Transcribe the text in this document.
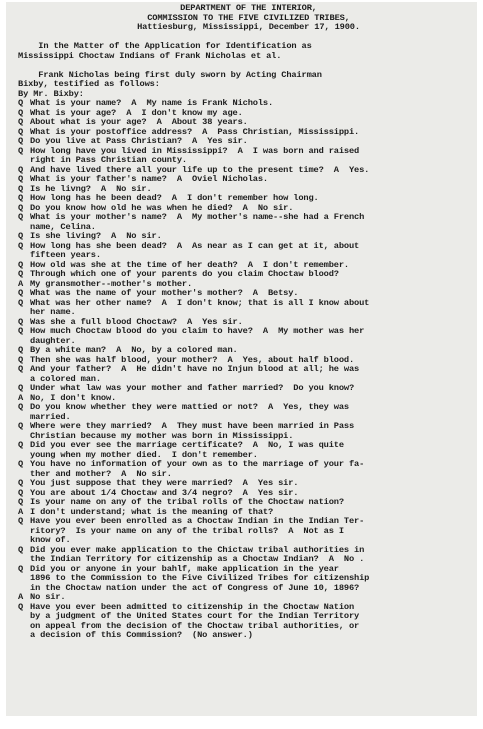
DEPARTMENT OF THE INTERIOR,
COMMISSION TO THE FIVE CIVILIZED TRIBES,
Hattiesburg, Mississippi, December 17, 1900.
In the Matter of the Application for Identification as
Mississippi Choctaw Indians of Frank Nicholas et al.
Frank Nicholas being first duly sworn by Acting Chairman
Bixby, testified as follows:
By Mr. Bixby:
Q What is your name?  A  My name is Frank Nichols.
Q What is your age?  A  I don't know my age.
Q About what is your age?  A  About 38 years.
Q What is your postoffice address?  A  Pass Christian, Mississippi.
Q Do you live at Pass Christian?  A  Yes sir.
Q How long have you lived in Mississippi?  A  I was born and raised
right in Pass Christian county.
Q And have lived there all your life up to the present time?  A  Yes.
Q What is your father's name?  A  Oviel Nicholas.
Q Is he livng?  A  No sir.
Q How long has he been dead?  A  I don't remember how long.
Q Do you know how old he was when he died?  A  No sir.
Q What is your mother's name?  A  My mother's name--she had a French
name, Celina.
Q Is she living?  A  No sir.
Q How long has she been dead?  A  As near as I can get at it, about
fifteen years.
Q How old was she at the time of her death?  A  I don't remember.
Q Through which one of your parents do you claim Choctaw blood?
A My gransmother--mother's mother.
Q What was the name of your mother's mother?  A  Betsy.
Q What was her other name?  A  I don't know; that is all I know about
her name.
Q Was she a full blood Choctaw?  A  Yes sir.
Q How much Choctaw blood do you claim to have?  A  My mother was her
daughter.
Q By a white man?  A  No, by a colored man.
Q Then she was half blood, your mother?  A  Yes, about half blood.
Q And your father?  A  He didn't have no Injun blood at all; he was
a colored man.
Q Under what law was your mother and father married?  Do you know?
A No, I don't know.
Q Do you know whether they were mattied or not?  A  Yes, they was
married.
Q Where were they married?  A  They must have been married in Pass
Christian because my mother was born in Mississippi.
Q Did you ever see the marriage certificate?  A  No, I was quite
young when my mother died.  I don't remember.
Q You have no information of your own as to the marriage of your fa-
ther and mother?  A  No sir.
Q You just suppose that they were married?  A  Yes sir.
Q You are about 1/4 Choctaw and 3/4 negro?  A  Yes sir.
Q Is your name on any of the tribal rolls of the Choctaw nation?
A I don't understand; what is the meaning of that?
Q Have you ever been enrolled as a Choctaw Indian in the Indian Ter-
ritory?  Is your name on any of the tribal rolls?  A  Not as I
know of.
Q Did you ever make application to the Chictaw tribal authorities in
the Indian Territory for citizenship as a Choctaw Indian?  A  No .
Q Did you or anyone in your bahlf, make application in the year
1896 to the Commission to the Five Civilized Tribes for citizenship
in the Choctaw nation under the act of Congress of June 10, 1896?
A No sir.
Q Have you ever been admitted to citizenship in the Choctaw Nation
by a judgment of the United States court for the Indian Territory
on appeal from the decision of the Choctaw tribal authorities, or
a decision of this Commission?  (No answer.)
